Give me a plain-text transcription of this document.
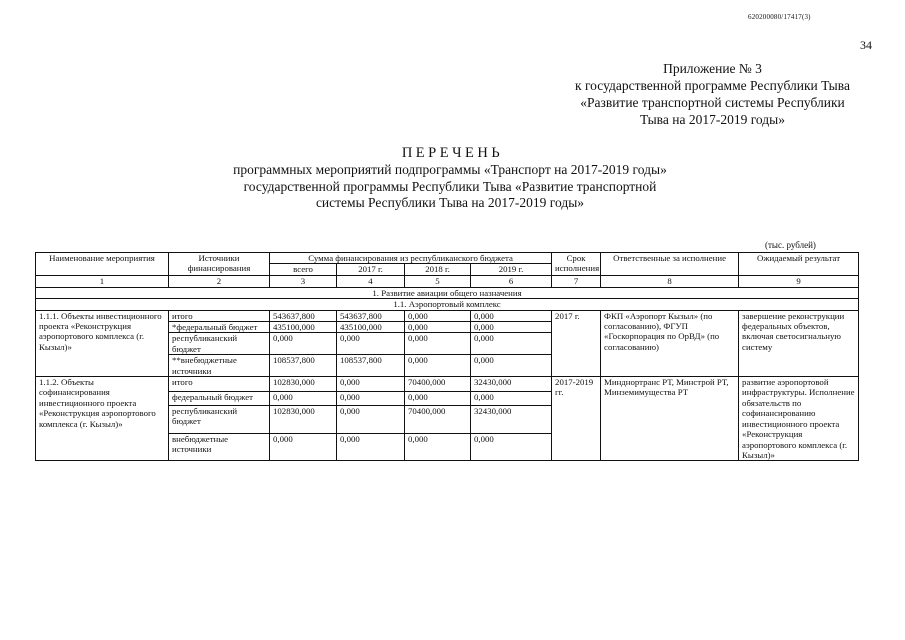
620200080/17417(3)
34
Приложение № 3
к государственной программе Республики Тыва
«Развитие транспортной системы Республики
Тыва на 2017-2019 годы»
ПЕРЕЧЕНЬ
программных мероприятий подпрограммы «Транспорт на 2017-2019 годы»
государственной программы Республики Тыва «Развитие транспортной
системы Республики Тыва на 2017-2019 годы»
(тыс. рублей)
Наименование мероприятия	Источники финансирования	Сумма финансирования из республиканского бюджета				Срок исполнения	Ответственные за исполнение	Ожидаемый результат
		всего	2017 г.	2018 г.	2019 г.			
1	2	3	4	5	6	7	8	9
1. Развитие авиации общего назначения								
1.1. Аэропортовый комплекс								
1.1.1. Объекты инвестиционного проекта «Реконструкция аэропортового комплекса (г. Кызыл)»	итого	543637,800	543637,800	0,000	0,000	2017 г.	ФКП «Аэропорт Кызыл» (по согласованию), ФГУП «Госкорпорация по ОрВД» (по согласованию)	завершение реконструкции федеральных объектов, включая светосигнальную систему
	*федеральный бюджет	435100,000	435100,000	0,000	0,000			
	республиканский бюджет	0,000	0,000	0,000	0,000			
	**внебюджетные источники	108537,800	108537,800	0,000	0,000			
1.1.2. Объекты софинансирования инвестиционного проекта «Реконструкция аэропортового комплекса (г. Кызыл)»	итого	102830,000	0,000	70400,000	32430,000	2017-2019 гг.	Минднортранс РТ, Минстрой РТ, Минземимущества РТ	развитие аэропортовой инфраструктуры. Исполнение обязательств по софинансированию инвестиционного проекта «Реконструкция аэропортового комплекса (г. Кызыл)»
	федеральный бюджет	0,000	0,000	0,000	0,000			
	республиканский бюджет	102830,000	0,000	70400,000	32430,000			
	внебюджетные источники	0,000	0,000	0,000	0,000			
